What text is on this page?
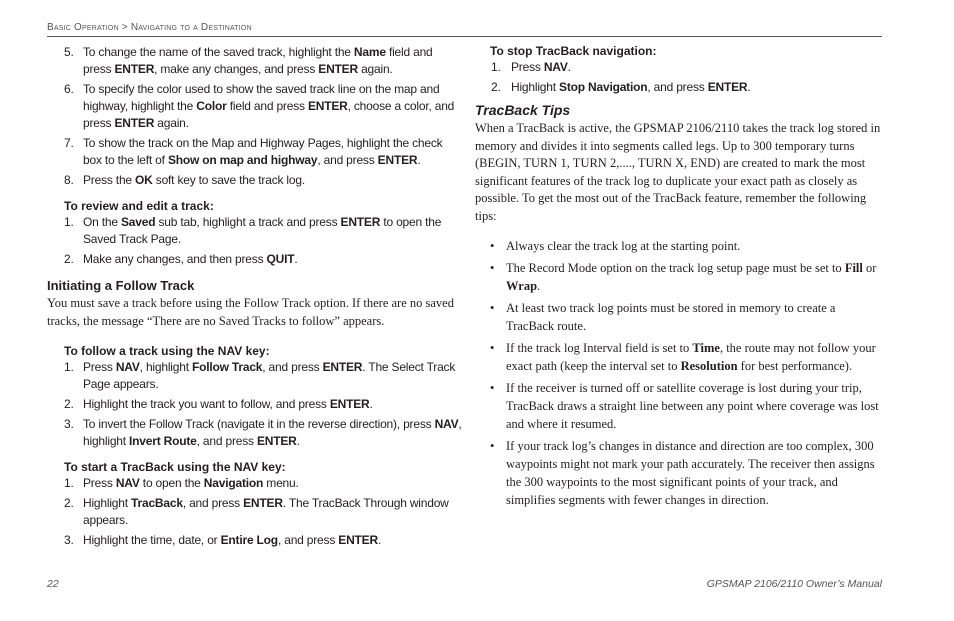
Basic Operation > Navigating to a Destination
5. To change the name of the saved track, highlight the Name field and press ENTER, make any changes, and press ENTER again.
6. To specify the color used to show the saved track line on the map and highway, highlight the Color field and press ENTER, choose a color, and press ENTER again.
7. To show the track on the Map and Highway Pages, highlight the check box to the left of Show on map and highway, and press ENTER.
8. Press the OK soft key to save the track log.
To review and edit a track:
1. On the Saved sub tab, highlight a track and press ENTER to open the Saved Track Page.
2. Make any changes, and then press QUIT.
Initiating a Follow Track
You must save a track before using the Follow Track option. If there are no saved tracks, the message “There are no Saved Tracks to follow” appears.
To follow a track using the NAV key:
1. Press NAV, highlight Follow Track, and press ENTER. The Select Track Page appears.
2. Highlight the track you want to follow, and press ENTER.
3. To invert the Follow Track (navigate it in the reverse direction), press NAV, highlight Invert Route, and press ENTER.
To start a TracBack using the NAV key:
1. Press NAV to open the Navigation menu.
2. Highlight TracBack, and press ENTER. The TracBack Through window appears.
3. Highlight the time, date, or Entire Log, and press ENTER.
To stop TracBack navigation:
1. Press NAV.
2. Highlight Stop Navigation, and press ENTER.
TracBack Tips
When a TracBack is active, the GPSMAP 2106/2110 takes the track log stored in memory and divides it into segments called legs. Up to 300 temporary turns (BEGIN, TURN 1, TURN 2,...., TURN X, END) are created to mark the most significant features of the track log to duplicate your exact path as closely as possible. To get the most out of the TracBack feature, remember the following tips:
• Always clear the track log at the starting point.
• The Record Mode option on the track log setup page must be set to Fill or Wrap.
• At least two track log points must be stored in memory to create a TracBack route.
• If the track log Interval field is set to Time, the route may not follow your exact path (keep the interval set to Resolution for best performance).
• If the receiver is turned off or satellite coverage is lost during your trip, TracBack draws a straight line between any point where coverage was lost and where it resumed.
• If your track log’s changes in distance and direction are too complex, 300 waypoints might not mark your path accurately. The receiver then assigns the 300 waypoints to the most significant points of your track, and simplifies segments with fewer changes in direction.
22	GPSMAP 2106/2110 Owner’s Manual
